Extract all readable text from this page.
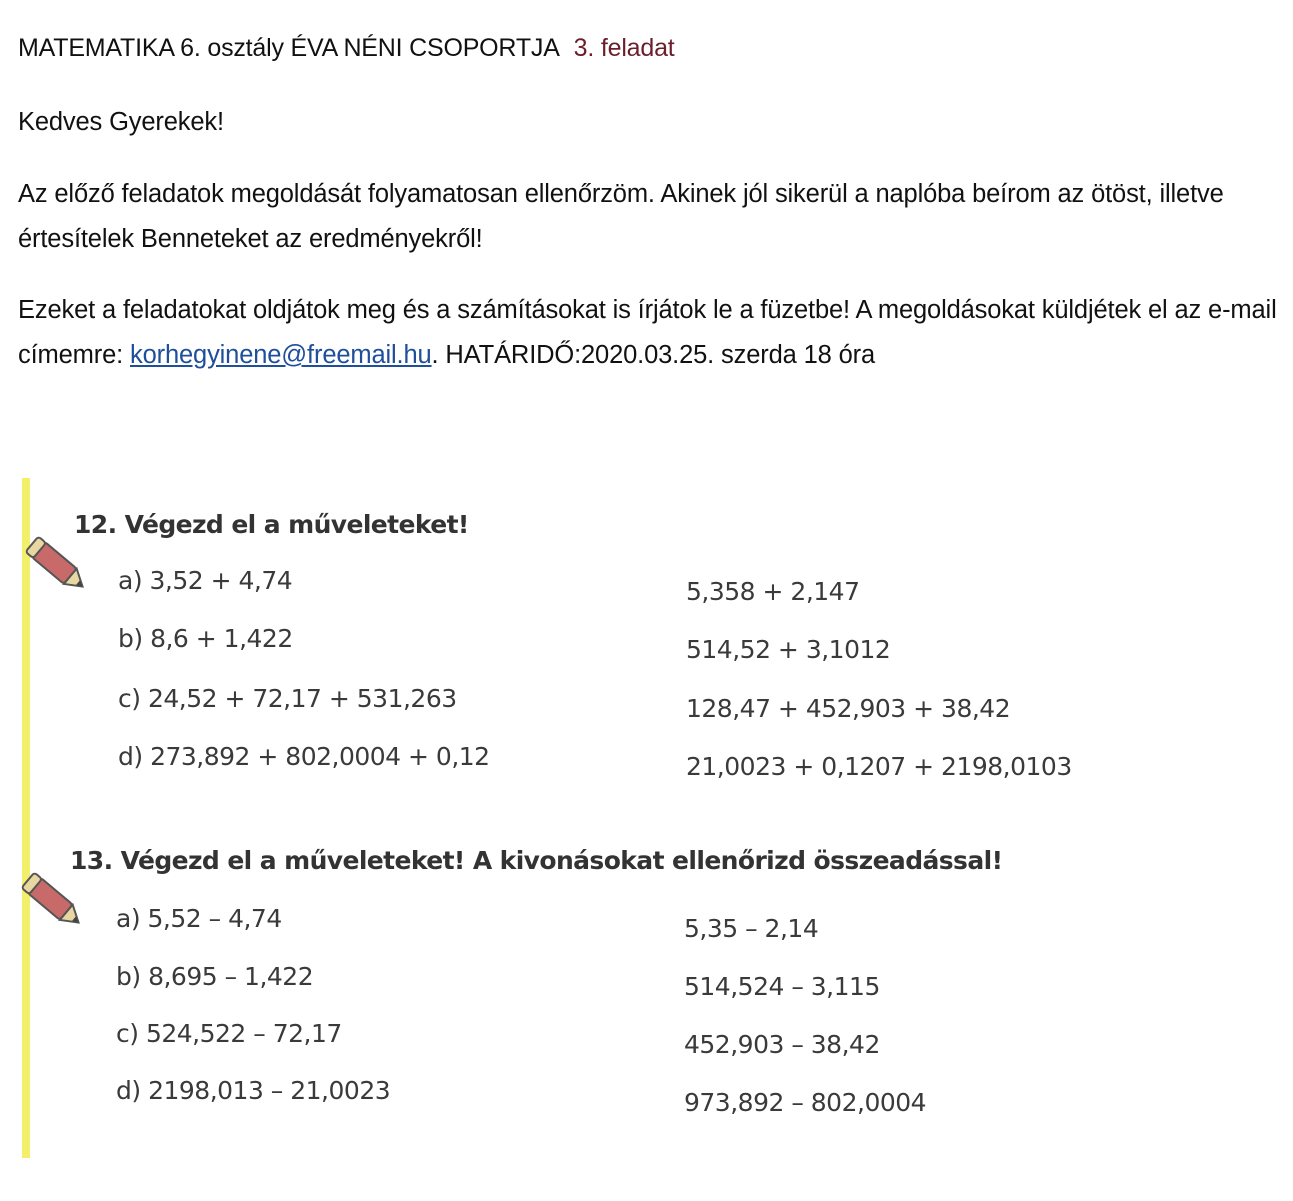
MATEMATIKA 6. osztály ÉVA NÉNI CSOPORTJA 3. feladat
Kedves Gyerekek!
Az előző feladatok megoldását folyamatosan ellenőrzöm. Akinek jól sikerül a naplóba beírom az ötöst, illetve értesítelek Benneteket az eredményekről!
Ezeket a feladatokat oldjátok meg és a számításokat is írjátok le a füzetbe! A megoldásokat küldjétek el az e-mail címemre: korhegyinene@freemail.hu. HATÁRIDŐ:2020.03.25. szerda 18 óra
12. Végezd el a műveleteket!
a) 3,52 + 4,74
b) 8,6 + 1,422
c) 24,52 + 72,17 + 531,263
d) 273,892 + 802,0004 + 0,12
5,358 + 2,147
514,52 + 3,1012
128,47 + 452,903 + 38,42
21,0023 + 0,1207 + 2198,0103
13. Végezd el a műveleteket! A kivonásokat ellenőrizd összeadással!
a) 5,52 – 4,74
b) 8,695 – 1,422
c) 524,522 – 72,17
d) 2198,013 – 21,0023
5,35 – 2,14
514,524 – 3,115
452,903 – 38,42
973,892 – 802,0004
